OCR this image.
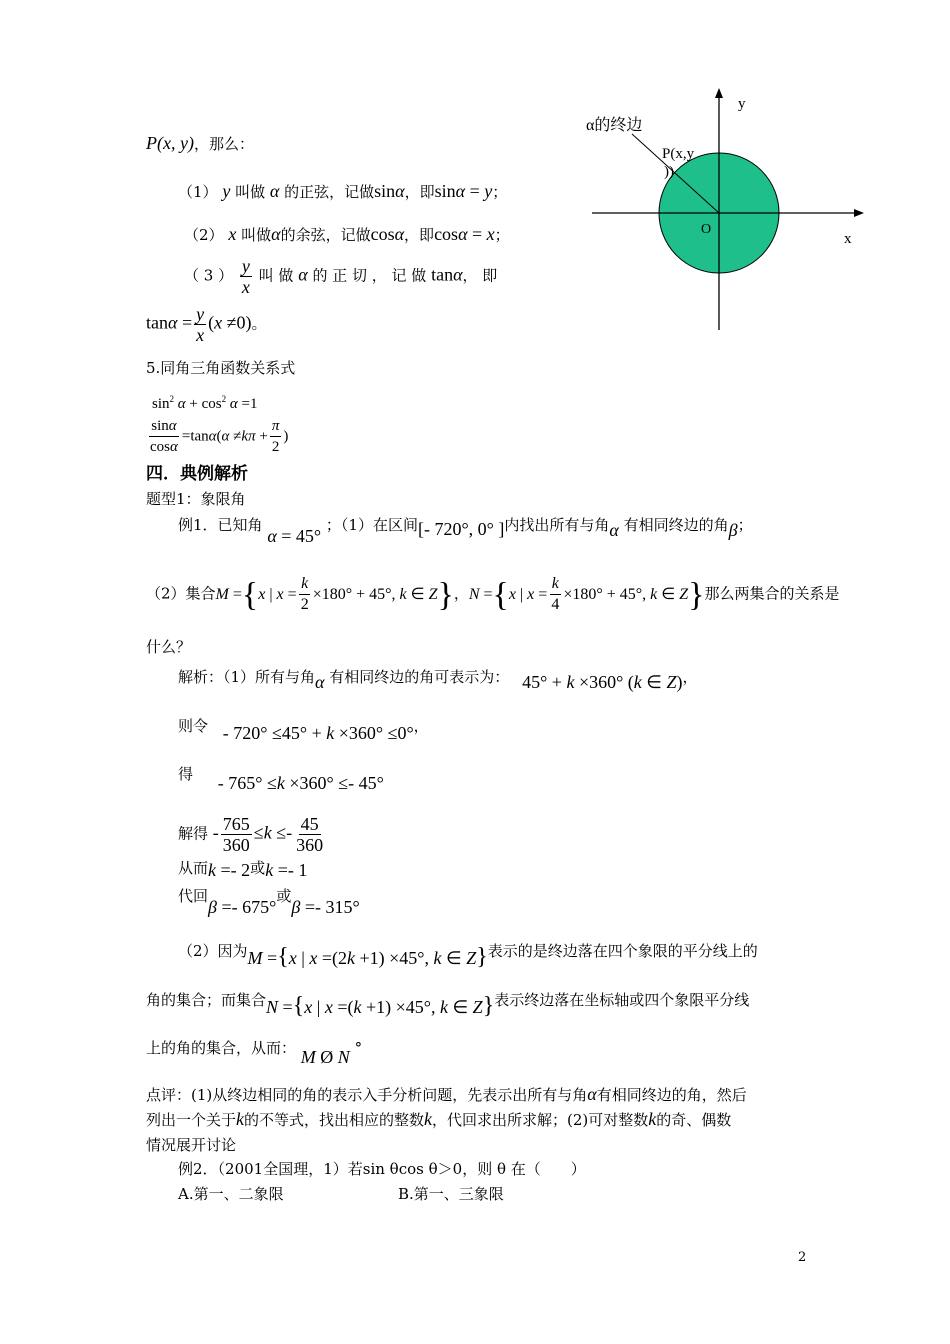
α的终边
P(x,y
))
O
x
y
P(x, y)，那么：
（1） y 叫做 α 的正弦，记做sinα，即sinα = y；
（2） x 叫做α的余弦，记做cosα，即cosα = x；
（ 3 ） $\frac{y}{x}$ 叫 做 α 的 正 切 ， 记 做 tanα， 即
$\tan\alpha = \frac{y}{x} (x \ne 0)$。
5.同角三角函数关系式
$\sin^2 \alpha + \cos^2 \alpha =1$
$\frac{\sin\alpha}{\cos\alpha} =\tan\alpha(\alpha \ne k\pi + \frac{\pi}{2}$ )
四．典例解析
题型1：象限角
例1．已知角 α = 45° ；（1）在区间[- 720°, 0° ]内找出所有与角α 有相同终边的角β；
（2）集合M ={x | $x = \frac{k}{2} \times 180^\circ + 45^\circ$, k ∈ Z}，N ={x | $x = \frac{k}{4} \times 180^\circ + 45^\circ$, k ∈ Z}那么两集合的关系是
什么？
解析：（1）所有与角α 有相同终边的角可表示为： 45° + k ×360° (k ∈ Z)，
则令 - 720° ≤45° + k ×360° ≤0°，
得 - 765° ≤k ×360° ≤- 45°
解得 - $\frac{765}{360} \le k \le- \frac{45}{360}$
从而k =- 2或k =- 1
代回β =- 675°或β =- 315°
（2）因为M ={x | x =(2k +1) ×45°, k ∈ Z}表示的是终边落在四个象限的平分线上的
角的集合；而集合N ={x | x =(k +1) ×45°, k ∈ Z}表示终边落在坐标轴或四个象限平分线
上的角的集合，从而： M Ø N °
点评：(1)从终边相同的角的表示入手分析问题，先表示出所有与角α有相同终边的角，然后
列出一个关于k的不等式，找出相应的整数k，代回求出所求解；(2)可对整数k的奇、偶数
情况展开讨论
例2．（2001全国理，1）若sin θcos θ＞0，则 θ 在（　　）
A.第一、二象限	B.第一、三象限
2
